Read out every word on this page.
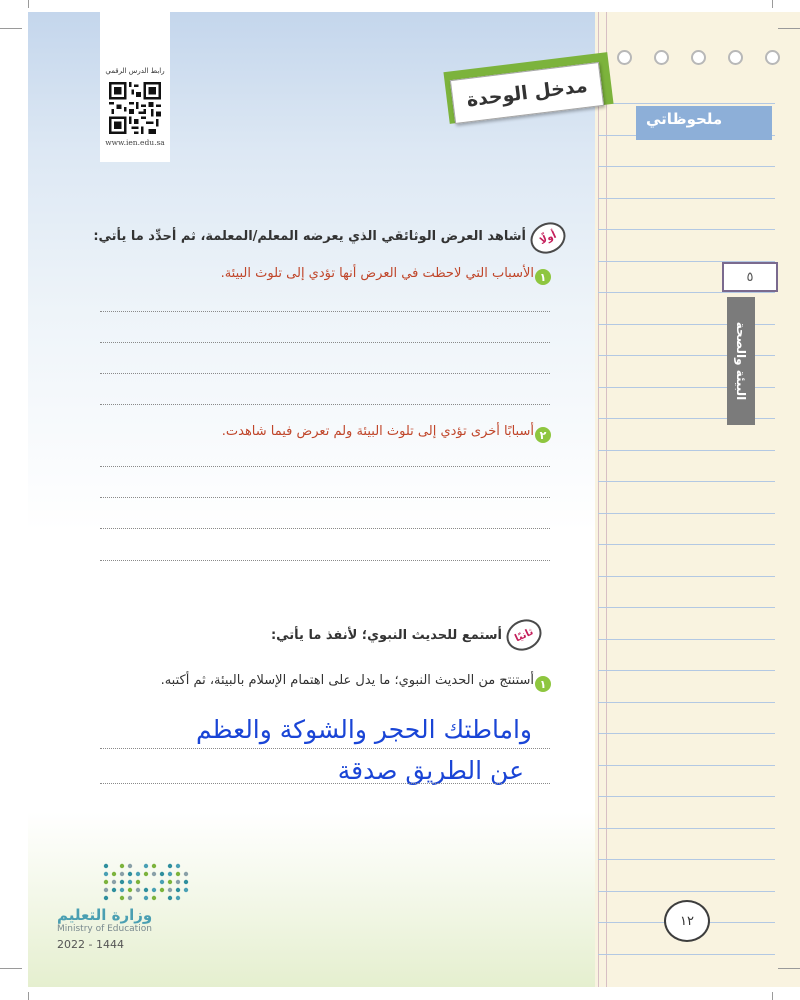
رابط الدرس الرقمي
www.ien.edu.sa
مدخل الوحدة
ملحوظاتي
٥
البيئة والصحة
أولًا
أشاهد العرض الوثائقي الذي يعرضه المعلم/المعلمة، ثم أحدِّد ما يأتي:
١
الأسباب التي لاحظت في العرض أنها تؤدي إلى تلوث البيئة.
٢
أسبابًا أخرى تؤدي إلى تلوث البيئة ولم تعرض فيما شاهدت.
ثانيًا
أستمع للحديث النبوي؛ لأنفذ ما يأتي:
١
أستنتج من الحديث النبوي؛ ما يدل على اهتمام الإسلام بالبيئة، ثم أكتبه.
واماطتك الحجر والشوكة والعظم
عن الطريق صدقة
وزارة التعليم
Ministry of Education
2022 - 1444
١٢
